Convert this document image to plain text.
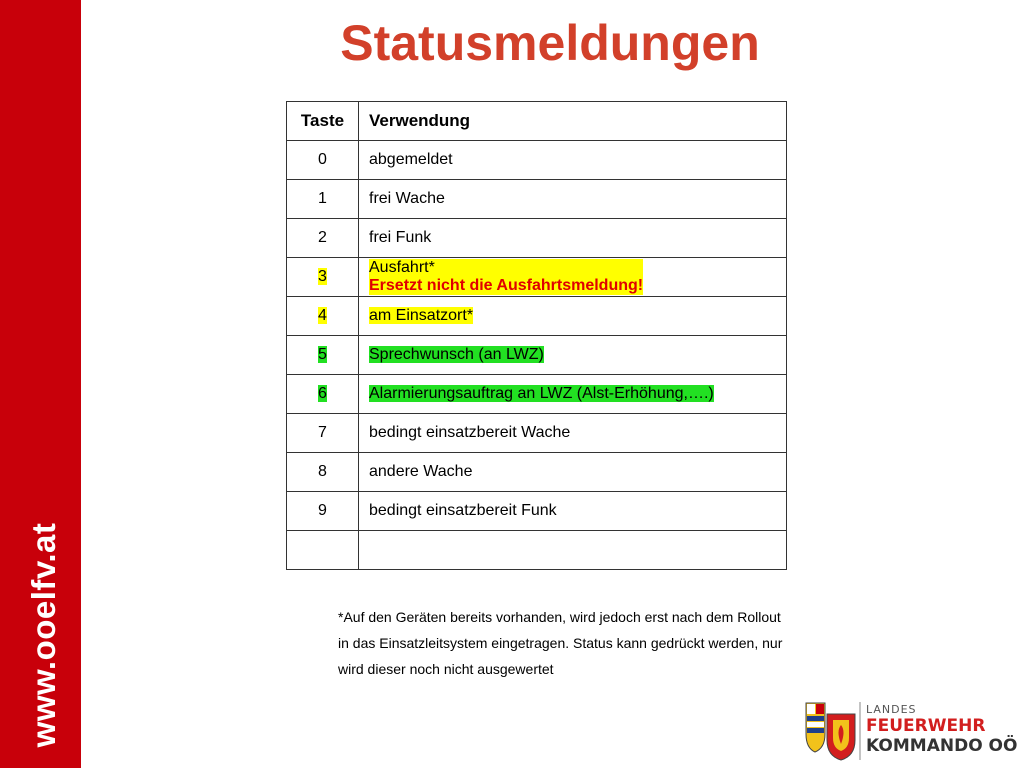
www.ooelfv.at
Statusmeldungen
Taste	Verwendung
0	abgemeldet
1	frei Wache
2	frei Funk
3	Ausfahrt*
Ersetzt nicht die Ausfahrtsmeldung!
4	am Einsatzort*
5	Sprechwunsch (an LWZ)
6	Alarmierungsauftrag an LWZ (Alst-Erhöhung,….)
7	bedingt einsatzbereit Wache
8	andere Wache
9	bedingt einsatzbereit Funk

*Auf den Geräten bereits vorhanden, wird jedoch erst nach dem Rollout in das Einsatzleitsystem eingetragen. Status kann gedrückt werden, nur wird dieser noch nicht ausgewertet
LANDES
FEUERWEHR
KOMMANDO OÖ
